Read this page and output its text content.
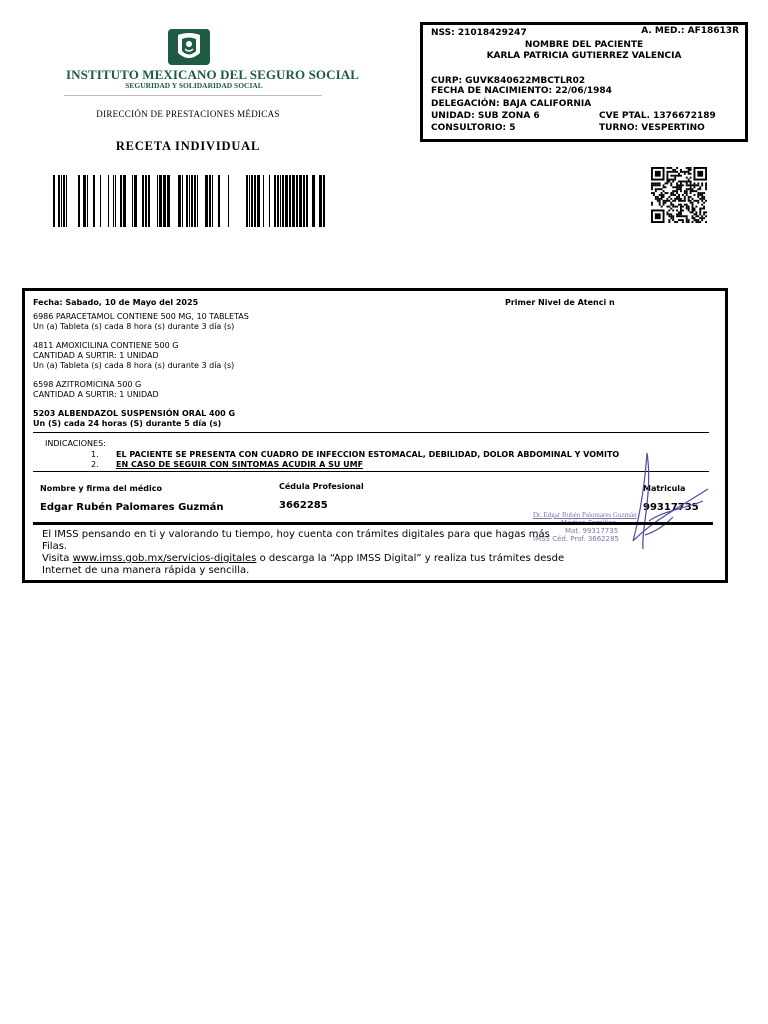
INSTITUTO MEXICANO DEL SEGURO SOCIAL
SEGURIDAD Y SOLIDARIDAD SOCIAL
DIRECCIÓN DE PRESTACIONES MÉDICAS
RECETA INDIVIDUAL
NSS: 21018429247	A. MED.: AF18613R
NOMBRE DEL PACIENTE
KARLA PATRICIA GUTIERREZ VALENCIA
CURP: GUVK840622MBCTLR02
FECHA DE NACIMIENTO: 22/06/1984
DELEGACIÓN: BAJA CALIFORNIA
UNIDAD: SUB ZONA 6	CVE PTAL. 1376672189
CONSULTORIO: 5	TURNO: VESPERTINO
Fecha: Sabado, 10 de Mayo del 2025	Primer Nivel de Atenci n
6986 PARACETAMOL CONTIENE 500 MG, 10 TABLETAS
Un (a) Tableta (s) cada 8 hora (s) durante 3 día (s)
4811 AMOXICILINA CONTIENE 500 G
CANTIDAD A SURTIR: 1 UNIDAD
Un (a) Tableta (s) cada 8 hora (s) durante 3 día (s)
6598 AZITROMICINA 500 G
CANTIDAD A SURTIR: 1 UNIDAD
5203 ALBENDAZOL SUSPENSIÓN ORAL 400 G
Un (S) cada 24 horas (S) durante 5 día (s)
INDICACIONES:
1. EL PACIENTE SE PRESENTA CON CUADRO DE INFECCION ESTOMACAL, DEBILIDAD, DOLOR ABDOMINAL Y VOMITO
2. EN CASO DE SEGUIR CON SINTOMAS ACUDIR A SU UMF
Nombre y firma del médico	Cédula Profesional	Matricula
Edgar Rubén Palomares Guzmán	3662285	99317735
Dr. Edgar Rubén Palomares Guzmán
Mat. 99317735
IMSS Céd. Prof. 3662285
El IMSS pensando en ti y valorando tu tiempo, hoy cuenta con trámites digitales para que hagas más
Filas.
Visita www.imss.gob.mx/servicios-digitales o descarga la “App IMSS Digital” y realiza tus trámites desde
Internet de una manera rápida y sencilla.
